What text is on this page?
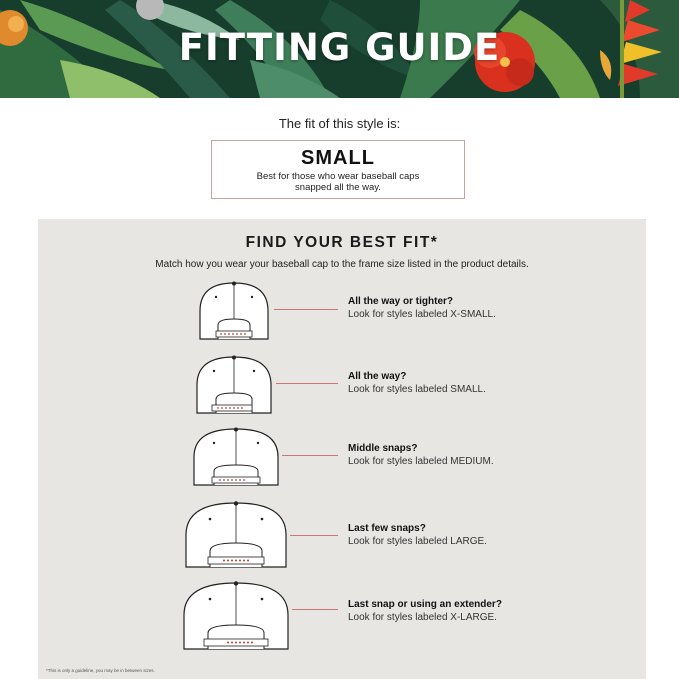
FITTING GUIDE
The fit of this style is:
SMALL
Best for those who wear baseball caps snapped all the way.
FIND YOUR BEST FIT*
Match how you wear your baseball cap to the frame size listed in the product details.
All the way or tighter?
Look for styles labeled X-SMALL.
All the way?
Look for styles labeled SMALL.
Middle snaps?
Look for styles labeled MEDIUM.
Last few snaps?
Look for styles labeled LARGE.
Last snap or using an extender?
Look for styles labeled X-LARGE.
*This is only a guideline, you may be in between sizes.
